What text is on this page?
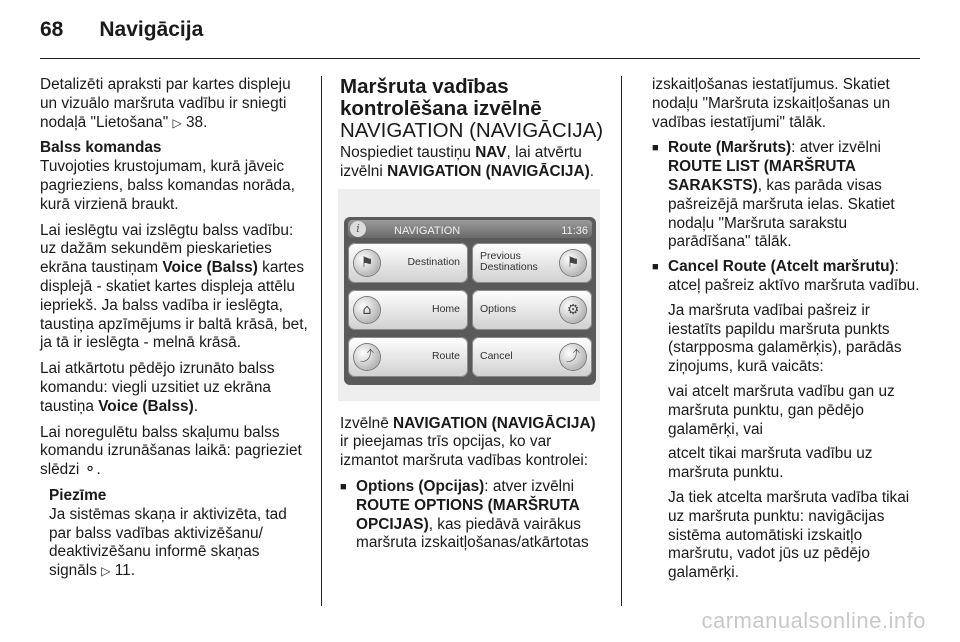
68 Navigācija

Detalizēti apraksti par kartes displeju un vizuālo maršruta vadību ir sniegti nodaļā "Lietošana" ▷ 38.

Balss komandas
Tuvojoties krustojumam, kurā jāveic pagrieziens, balss komandas norāda, kurā virzienā braukt.

Lai ieslēgtu vai izslēgtu balss vadību: uz dažām sekundēm pieskarieties ekrāna taustiņam Voice (Balss) kartes displejā - skatiet kartes displeja attēlu iepriekš. Ja balss vadība ir ieslēgta, taustiņa apzīmējums ir baltā krāsā, bet, ja tā ir ieslēgta - melnā krāsā.

Lai atkārtotu pēdējo izrunāto balss komandu: viegli uzsitiet uz ekrāna taustiņa Voice (Balss).

Lai noregulētu balss skaļumu balss komandu izrunāšanas laikā: pagrieziet slēdzi ⚬.

Piezīme
Ja sistēmas skaņa ir aktivizēta, tad par balss vadības aktivizēšanu/ deaktivizēšanu informē skaņas signāls ▷ 11.
Maršruta vadības kontrolēšana izvēlnē
NAVIGATION (NAVIGĀCIJA)

Nospiediet taustiņu NAV, lai atvērtu izvēlni NAVIGATION (NAVIGĀCIJA).

i	NAVIGATION	11:36
⚑	Destination	⚑
Previous Destinations
⌂	Home	⚙
Options
⤴	Route	⤴
Cancel

Izvēlnē NAVIGATION (NAVIGĀCIJA) ir pieejamas trīs opcijas, ko var izmantot maršruta vadības kontrolei:

■ Options (Opcijas): atver izvēlni ROUTE OPTIONS (MARŠRUTA OPCIJAS), kas piedāvā vairākus maršruta izskaitļošanas/atkārtotas

izskaitļošanas iestatījumus. Skatiet nodaļu "Maršruta izskaitļošanas un vadības iestatījumi" tālāk.

■ Route (Maršruts): atver izvēlni ROUTE LIST (MARŠRUTA SARAKSTS), kas parāda visas pašreizējā maršruta ielas. Skatiet nodaļu "Maršruta sarakstu parādīšana" tālāk.
■ Cancel Route (Atcelt maršrutu): atceļ pašreiz aktīvo maršruta vadību.

Ja maršruta vadībai pašreiz ir iestatīts papildu maršruta punkts (starpposma galamērķis), parādās ziņojums, kurā vaicāts:

vai atcelt maršruta vadību gan uz maršruta punktu, gan pēdējo galamērķi, vai

atcelt tikai maršruta vadību uz maršruta punktu.

Ja tiek atcelta maršruta vadība tikai uz maršruta punktu: navigācijas sistēma automātiski izskaitļo maršrutu, vadot jūs uz pēdējo galamērķi.

carmanualsonline.info
